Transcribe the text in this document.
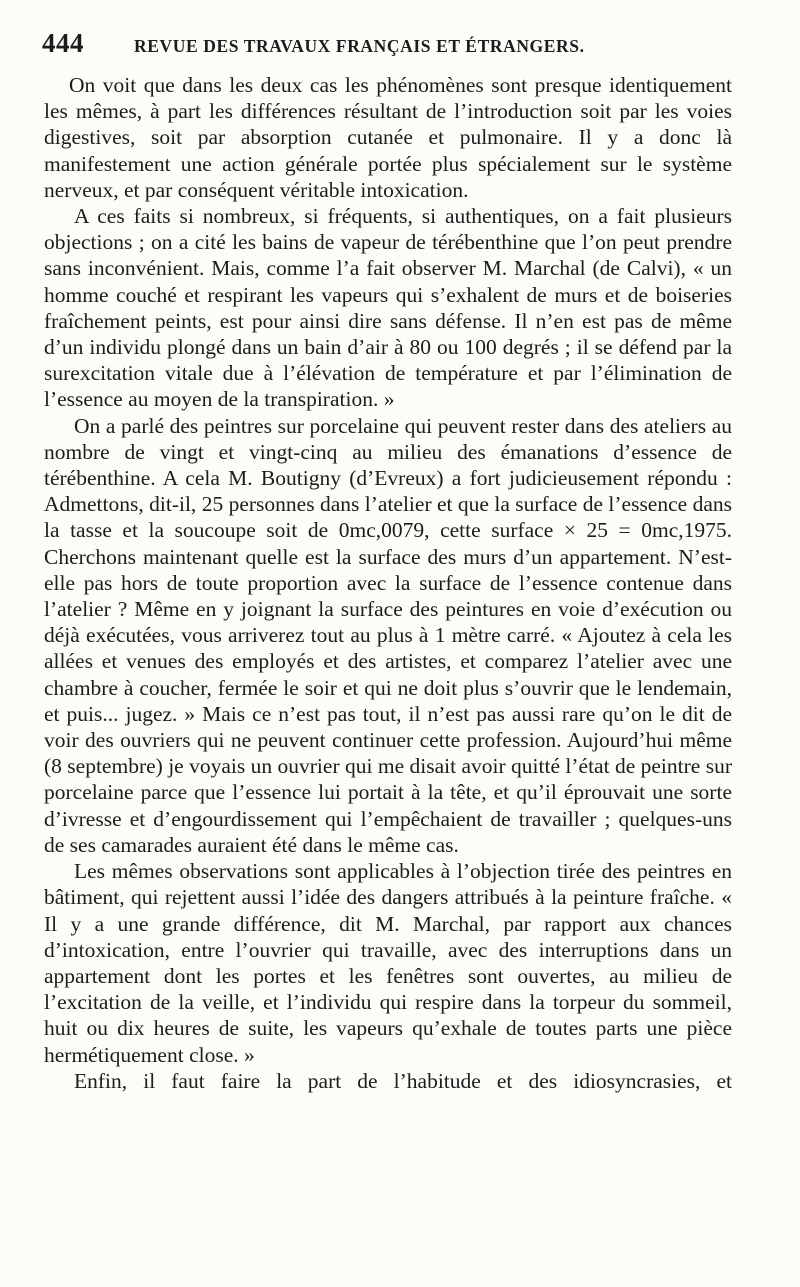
444	REVUE DES TRAVAUX FRANÇAIS ET ÉTRANGERS.

On voit que dans les deux cas les phénomènes sont presque identiquement les mêmes, à part les différences résultant de l’introduction soit par les voies digestives, soit par absorption cutanée et pulmonaire. Il y a donc là manifestement une action générale portée plus spécialement sur le système nerveux, et par conséquent véritable intoxication.

A ces faits si nombreux, si fréquents, si authentiques, on a fait plusieurs objections ; on a cité les bains de vapeur de térébenthine que l’on peut prendre sans inconvénient. Mais, comme l’a fait observer M. Marchal (de Calvi), « un homme couché et respirant les vapeurs qui s’exhalent de murs et de boiseries fraîchement peints, est pour ainsi dire sans défense. Il n’en est pas de même d’un individu plongé dans un bain d’air à 80 ou 100 degrés ; il se défend par la surexcitation vitale due à l’élévation de température et par l’élimination de l’essence au moyen de la transpiration. »

On a parlé des peintres sur porcelaine qui peuvent rester dans des ateliers au nombre de vingt et vingt-cinq au milieu des émanations d’essence de térébenthine. A cela M. Boutigny (d’Evreux) a fort judicieusement répondu : Admettons, dit-il, 25 personnes dans l’atelier et que la surface de l’essence dans la tasse et la soucoupe soit de 0mc,0079, cette surface × 25 = 0mc,1975. Cherchons maintenant quelle est la surface des murs d’un appartement. N’est-elle pas hors de toute proportion avec la surface de l’essence contenue dans l’atelier ? Même en y joignant la surface des peintures en voie d’exécution ou déjà exécutées, vous arriverez tout au plus à 1 mètre carré. « Ajoutez à cela les allées et venues des employés et des artistes, et comparez l’atelier avec une chambre à coucher, fermée le soir et qui ne doit plus s’ouvrir que le lendemain, et puis... jugez. » Mais ce n’est pas tout, il n’est pas aussi rare qu’on le dit de voir des ouvriers qui ne peuvent continuer cette profession. Aujourd’hui même (8 septembre) je voyais un ouvrier qui me disait avoir quitté l’état de peintre sur porcelaine parce que l’essence lui portait à la tête, et qu’il éprouvait une sorte d’ivresse et d’engourdissement qui l’empêchaient de travailler ; quelques-uns de ses camarades auraient été dans le même cas.

Les mêmes observations sont applicables à l’objection tirée des peintres en bâtiment, qui rejettent aussi l’idée des dangers attribués à la peinture fraîche. « Il y a une grande différence, dit M. Marchal, par rapport aux chances d’intoxication, entre l’ouvrier qui travaille, avec des interruptions dans un appartement dont les portes et les fenêtres sont ouvertes, au milieu de l’excitation de la veille, et l’individu qui respire dans la torpeur du sommeil, huit ou dix heures de suite, les vapeurs qu’exhale de toutes parts une pièce hermétiquement close. »

Enfin, il faut faire la part de l’habitude et des idiosyncrasies, et
